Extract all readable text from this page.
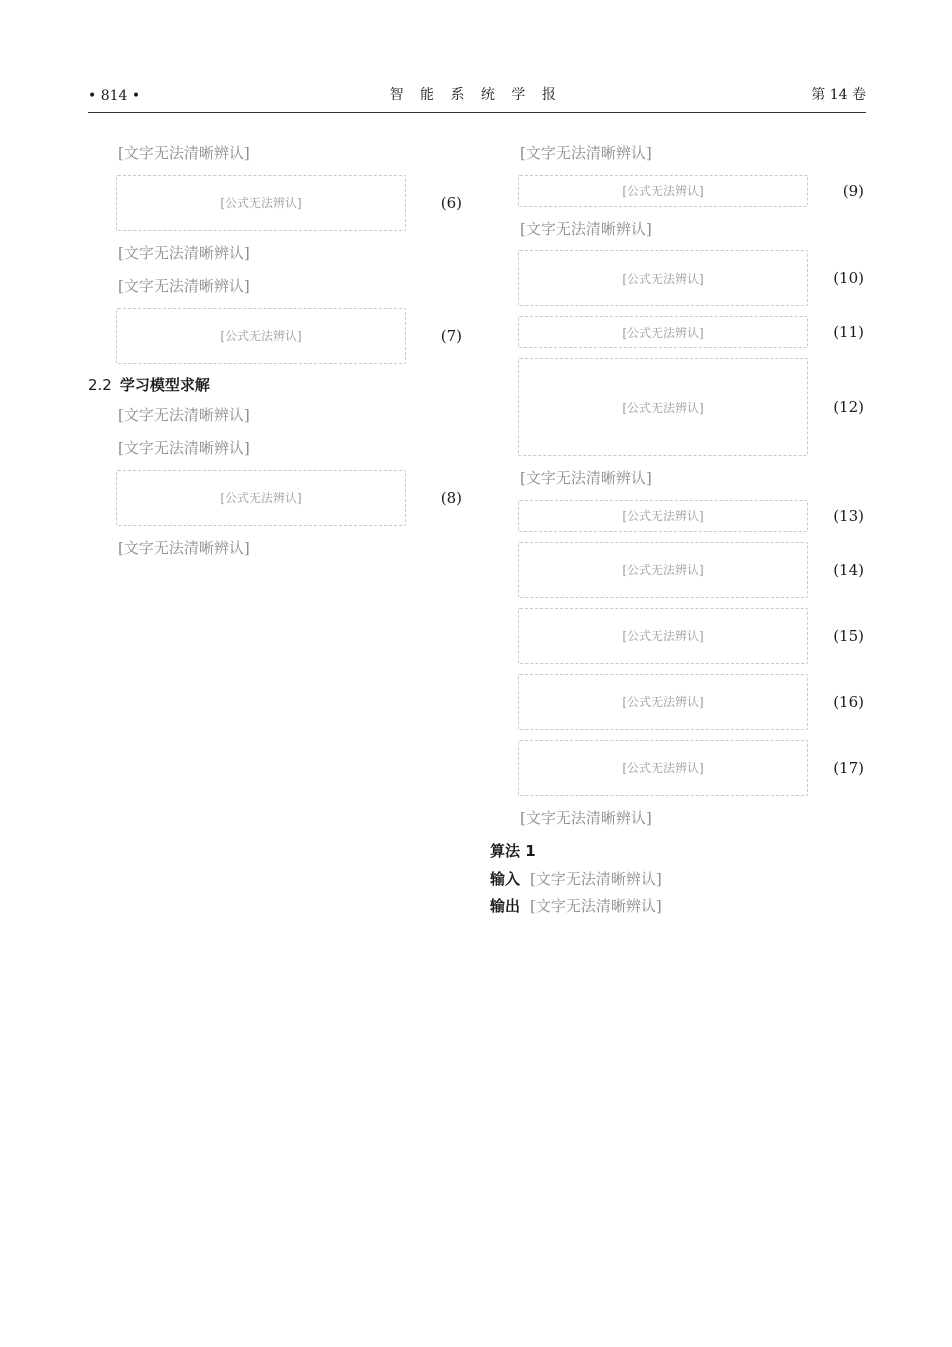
• 814 •	智 能 系 统 学 报	第 14 卷

[文字无法清晰辨认]

[公式无法辨认]	(6)

[文字无法清晰辨认]

[文字无法清晰辨认]

[公式无法辨认]	(7)
2.2 学习模型求解

[文字无法清晰辨认]

[文字无法清晰辨认]

[公式无法辨认]	(8)

[文字无法清晰辨认]

[文字无法清晰辨认]

[公式无法辨认]	(9)

[文字无法清晰辨认]

[公式无法辨认]	(10)
[公式无法辨认]	(11)
[公式无法辨认]	(12)

[文字无法清晰辨认]

[公式无法辨认]	(13)
[公式无法辨认]	(14)
[公式无法辨认]	(15)
[公式无法辨认]	(16)
[公式无法辨认]	(17)

[文字无法清晰辨认]

算法 1
输入 [文字无法清晰辨认]
输出 [文字无法清晰辨认]
